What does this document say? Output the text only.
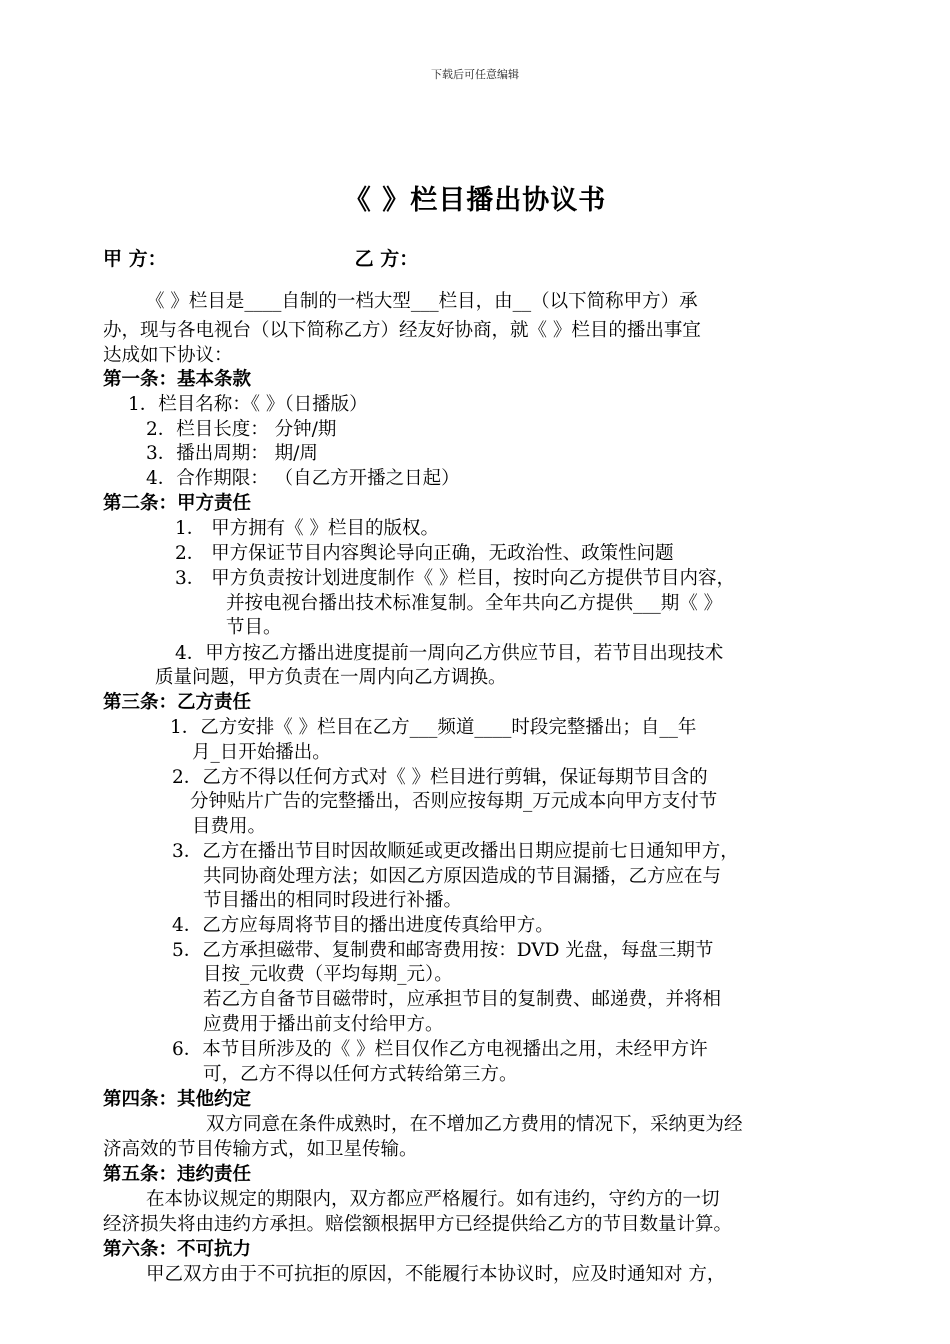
下载后可任意编辑
《 》栏目播出协议书
甲 方：	乙 方：
《 》栏目是____自制的一档大型___栏目，由__（以下简称甲方）承
办，现与各电视台（以下简称乙方）经友好协商，就《 》栏目的播出事宜
达成如下协议：
第一条：基本条款
1．栏目名称：《 》（日播版）
2．栏目长度： 分钟/期
3．播出周期： 期/周
4．合作期限： （自乙方开播之日起）
第二条：甲方责任
1． 甲方拥有《 》栏目的版权。
2． 甲方保证节目内容舆论导向正确，无政治性、政策性问题
3． 甲方负责按计划进度制作《 》栏目，按时向乙方提供节目内容，
并按电视台播出技术标准复制。全年共向乙方提供___期《 》
节目。
4．甲方按乙方播出进度提前一周向乙方供应节目，若节目出现技术
质量问题，甲方负责在一周内向乙方调换。
第三条：乙方责任
1．乙方安排《 》栏目在乙方___频道____时段完整播出；自__年
月_日开始播出。
2．乙方不得以任何方式对《 》栏目进行剪辑，保证每期节目含的
分钟贴片广告的完整播出，否则应按每期_万元成本向甲方支付节
目费用。
3．乙方在播出节目时因故顺延或更改播出日期应提前七日通知甲方，
共同协商处理方法；如因乙方原因造成的节目漏播，乙方应在与
节目播出的相同时段进行补播。
4．乙方应每周将节目的播出进度传真给甲方。
5．乙方承担磁带、复制费和邮寄费用按：DVD 光盘，每盘三期节
目按_元收费（平均每期_元）。
若乙方自备节目磁带时，应承担节目的复制费、邮递费，并将相
应费用于播出前支付给甲方。
6．本节目所涉及的《 》栏目仅作乙方电视播出之用，未经甲方许
可，乙方不得以任何方式转给第三方。
第四条：其他约定
双方同意在条件成熟时，在不增加乙方费用的情况下，采纳更为经
济高效的节目传输方式，如卫星传输。
第五条：违约责任
在本协议规定的期限内，双方都应严格履行。如有违约，守约方的一切
经济损失将由违约方承担。赔偿额根据甲方已经提供给乙方的节目数量计算。
第六条：不可抗力
甲乙双方由于不可抗拒的原因，不能履行本协议时，应及时通知对 方，
